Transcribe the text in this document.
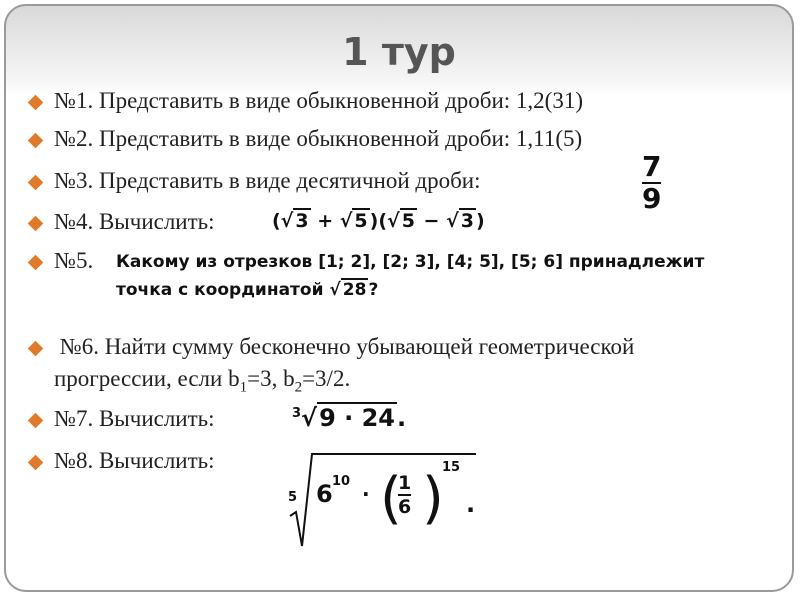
1 тур
№1. Представить в виде обыкновенной дроби: 1,2(31)
№2. Представить в виде обыкновенной дроби: 1,11(5)
№3. Представить в виде десятичной дроби:	$\frac{7}{9}$
№4. Вычислить:	(√ 3 + √ 5 )(√ 5 − √ 3 )
№5. Какому из отрезков [1; 2], [2; 3], [4; 5], [5; 6] принадлежит
точка с координатой √ 28 ?
№6. Найти сумму бесконечно убывающей геометрической
прогрессии, если $b_1=3$, $b_2=3/2$.
№7. Вычислить:	$^3$√9 · 24.
№8. Вычислить:
5 6 10
· (
$\frac{1}{6}$ )
15
.
